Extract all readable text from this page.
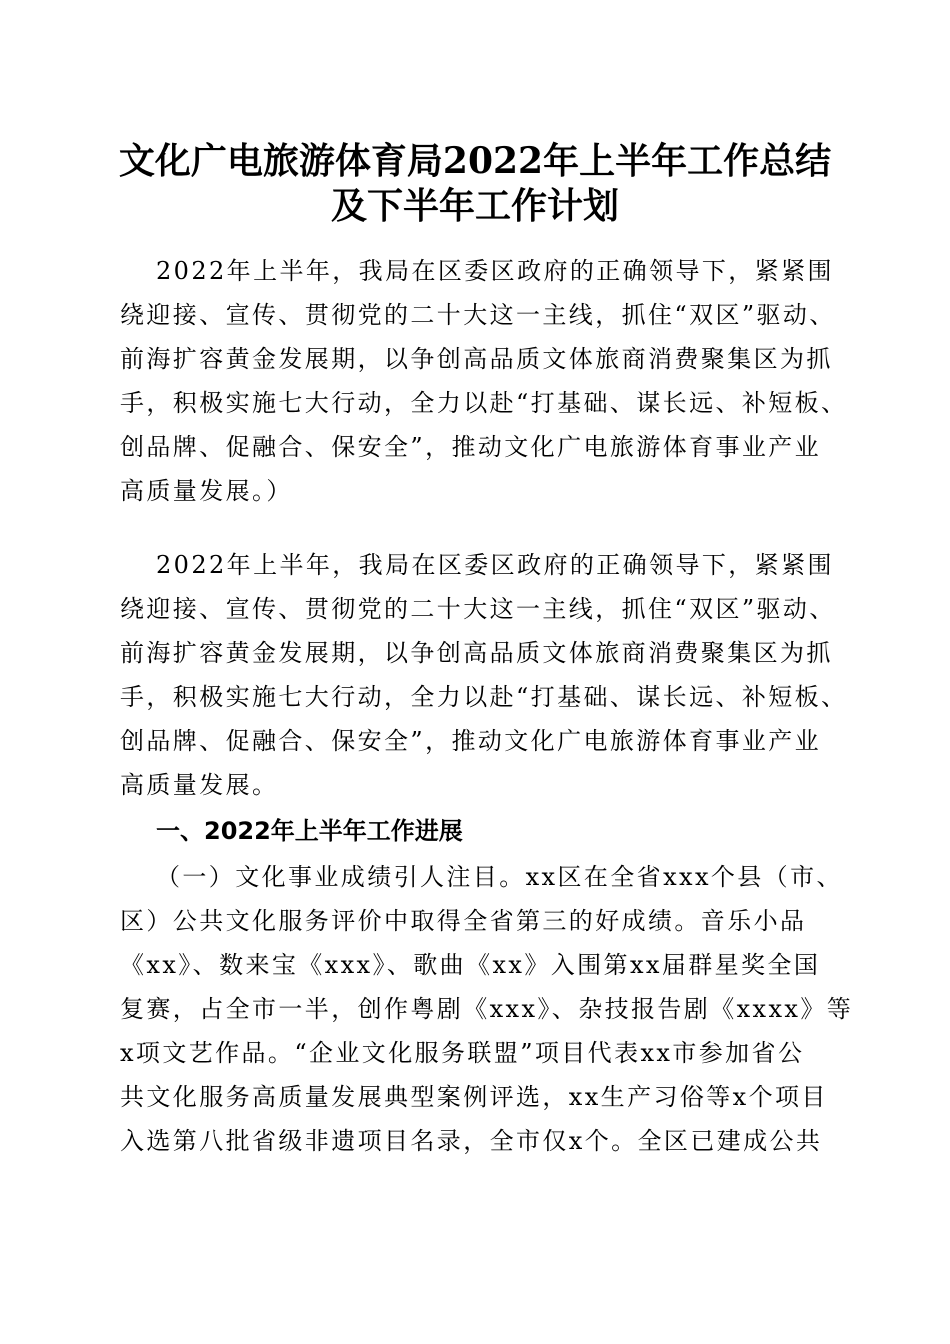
文化广电旅游体育局2022年上半年工作总结
及下半年工作计划

2022年上半年，我局在区委区政府的正确领导下，紧紧围

绕迎接、宣传、贯彻党的二十大这一主线，抓住“双区”驱动、

前海扩容黄金发展期，以争创高品质文体旅商消费聚集区为抓

手，积极实施七大行动，全力以赴“打基础、谋长远、补短板、

创品牌、促融合、保安全”，推动文化广电旅游体育事业产业

高质量发展。）

2022年上半年，我局在区委区政府的正确领导下，紧紧围

绕迎接、宣传、贯彻党的二十大这一主线，抓住“双区”驱动、

前海扩容黄金发展期，以争创高品质文体旅商消费聚集区为抓

手，积极实施七大行动，全力以赴“打基础、谋长远、补短板、

创品牌、促融合、保安全”，推动文化广电旅游体育事业产业

高质量发展。

一、2022年上半年工作进展

（一）文化事业成绩引人注目。xx区在全省xxx个县（市、

区）公共文化服务评价中取得全省第三的好成绩。音乐小品

《xx》、数来宝《xxx》、歌曲《xx》入围第xx届群星奖全国

复赛，占全市一半，创作粤剧《xxx》、杂技报告剧《xxxx》等

x项文艺作品。“企业文化服务联盟”项目代表xx市参加省公

共文化服务高质量发展典型案例评选，xx生产习俗等x个项目

入选第八批省级非遗项目名录，全市仅x个。全区已建成公共
